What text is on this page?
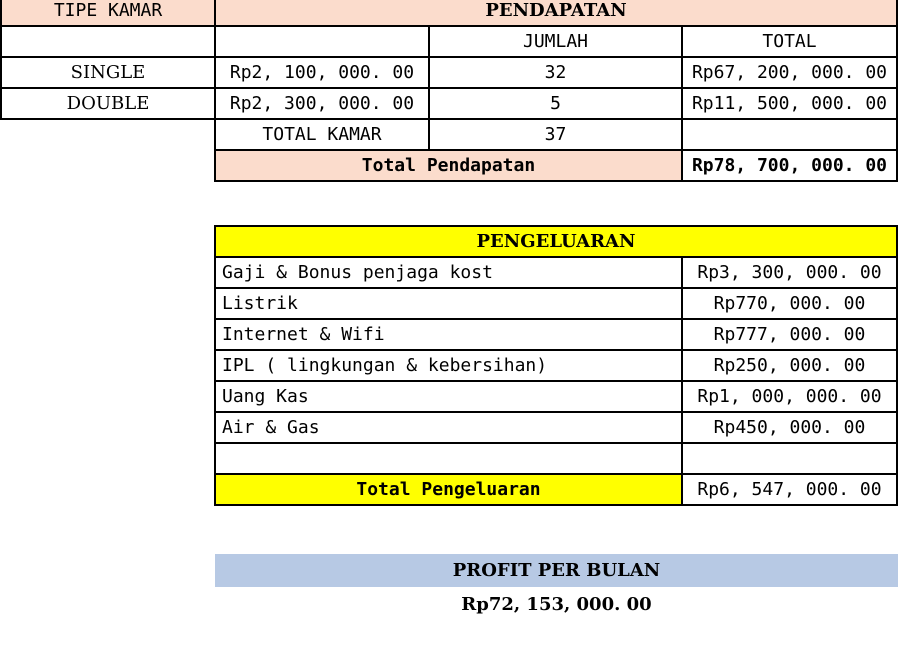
TIPE KAMAR	PENDAPATAN		
		JUMLAH	TOTAL
SINGLE	Rp2, 100, 000. 00	32	Rp67, 200, 000. 00
DOUBLE	Rp2, 300, 000. 00	5	Rp11, 500, 000. 00
	TOTAL KAMAR	37	
	Total Pendapatan		Rp78, 700, 000. 00
PENGELUARAN	
Gaji & Bonus penjaga kost	Rp3, 300, 000. 00
Listrik	Rp770, 000. 00
Internet & Wifi	Rp777, 000. 00
IPL ( lingkungan & kebersihan)	Rp250, 000. 00
Uang Kas	Rp1, 000, 000. 00
Air & Gas	Rp450, 000. 00

Total Pengeluaran	Rp6, 547, 000. 00
PROFIT PER BULAN
Rp72, 153, 000. 00
